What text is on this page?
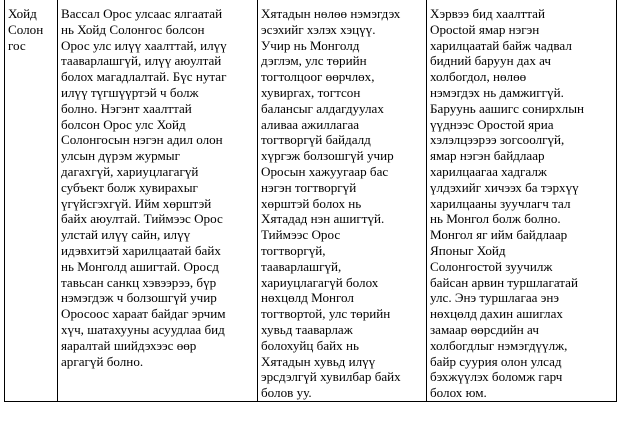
Хойд
Солон
гос

Вассал Орос улсаас ялгаатай
нь Хойд Солонгос болсон
Орос улс илүү хаалттай, илүү
тааварлашгүй, илүү аюултай
болох магадлалтай. Бүс нутаг
илүү түгшүүртэй ч болж
болно. Нэгэнт хаалттай
болсон Орос улс Хойд
Солонгосын нэгэн адил олон
улсын дүрэм журмыг
дагахгүй, хариуцлагагүй
субъект болж хувирахыг
үгүйсгэхгүй. Ийм хөрштэй
байх аюултай. Тиймээс Орос
улстай илүү сайн, илүү
идэвхитэй харилцаатай байх
нь Монголд ашигтай. Оросд
тавьсан санкц хэвээрээ, бүр
нэмэгдэж ч болзошгүй учир
Оросоос хараат байдаг эрчим
хүч, шатахууны асуудлаа бид
яаралтай шийдэхээс өөр
аргагүй болно.

Хятадын нөлөө нэмэгдэх
эсэхийг хэлэх хэцүү.
Учир нь Монголд
дэглэм, улс төрийн
тогтолцоог өөрчлөх,
хувиргах, тогтсон
балансыг алдагдуулах
аливаа ажиллагаа
тогтворгүй байдалд
хүргэж болзошгүй учир
Оросын хажуугаар бас
нэгэн тогтворгүй
хөрштэй болох нь
Хятадад нэн ашигтүй.
Тиймээс Орос
тогтворгүй,
тааварлашгүй,
хариуцлагагүй болох
нөхцөлд Монгол
тогтвортой, улс төрийн
хувьд тааварлаж
болохуйц байх нь
Хятадын хувьд илүү
эрсдэлгүй хувилбар байх
болов уу.

Хэрвээ бид хаалттай
Ороctой ямар нэгэн
харилцаатай байж чадвал
бидний баруун дах ач
холбогдол, нөлөө
нэмэгдэх нь дамжиггүй.
Баруунь аашигс сонирхлын
үүднээс Оростой яриа
хэлэлцээрээ зогсоолгүй,
ямар нэгэн байдлаар
харилцаагаа хадгалж
үлдэхийг хичээх ба тэрхүү
харилцааны зуучлагч тал
нь Монгол болж болно.
Монгол яг ийм байдлаар
Японыг Хойд
Солонгостой зуучилж
байсан арвин туршлагатай
улс. Энэ туршлагаа энэ
нөхцөлд дахин ашиглах
замаар өөрсдийн ач
холбогдлыг нэмэгдүүлж,
байр суурия олон улсад
бэхжүүлэх боломж гарч
болох юм.
